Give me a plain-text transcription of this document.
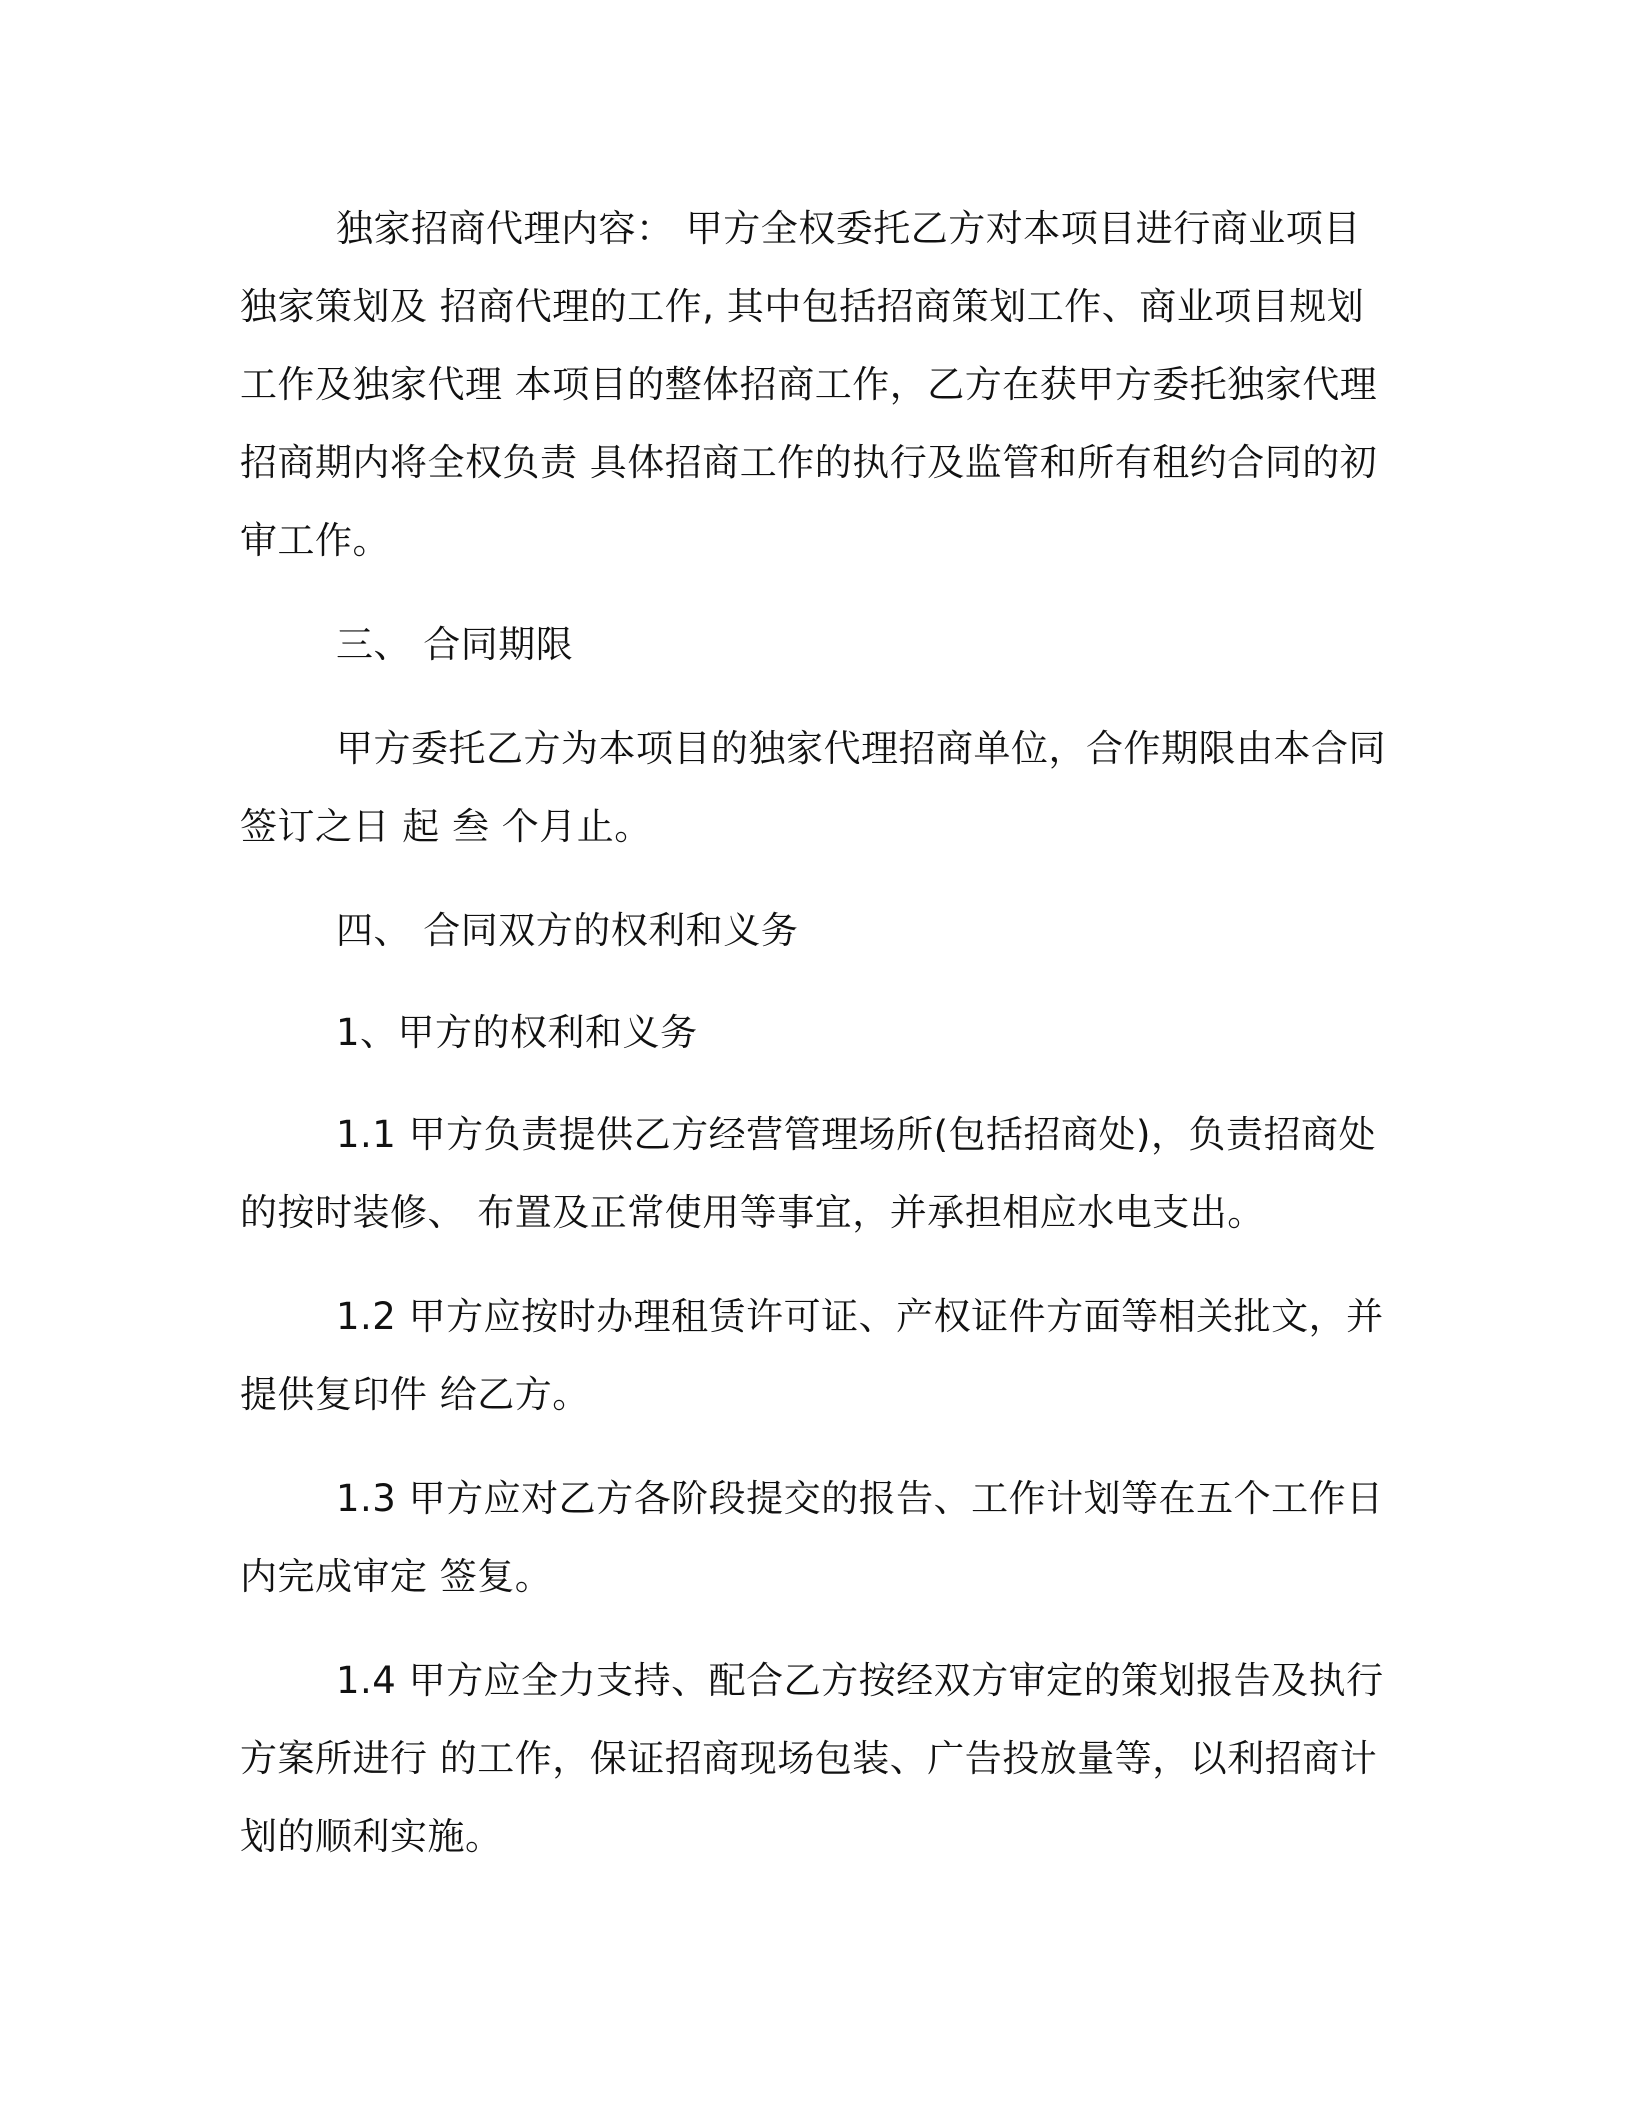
独家招商代理内容： 甲方全权委托乙方对本项目进行商业项目独家策划及 招商代理的工作, 其中包括招商策划工作、商业项目规划工作及独家代理 本项目的整体招商工作，乙方在获甲方委托独家代理招商期内将全权负责 具体招商工作的执行及监管和所有租约合同的初审工作。

三、 合同期限

甲方委托乙方为本项目的独家代理招商单位，合作期限由本合同签订之日 起 叁 个月止。

四、 合同双方的权利和义务

1、甲方的权利和义务

1.1 甲方负责提供乙方经营管理场所(包括招商处)，负责招商处的按时装修、 布置及正常使用等事宜，并承担相应水电支出。

1.2 甲方应按时办理租赁许可证、产权证件方面等相关批文，并提供复印件 给乙方。

1.3 甲方应对乙方各阶段提交的报告、工作计划等在五个工作日内完成审定 签复。

1.4 甲方应全力支持、配合乙方按经双方审定的策划报告及执行方案所进行 的工作，保证招商现场包装、广告投放量等，以利招商计划的顺利实施。
